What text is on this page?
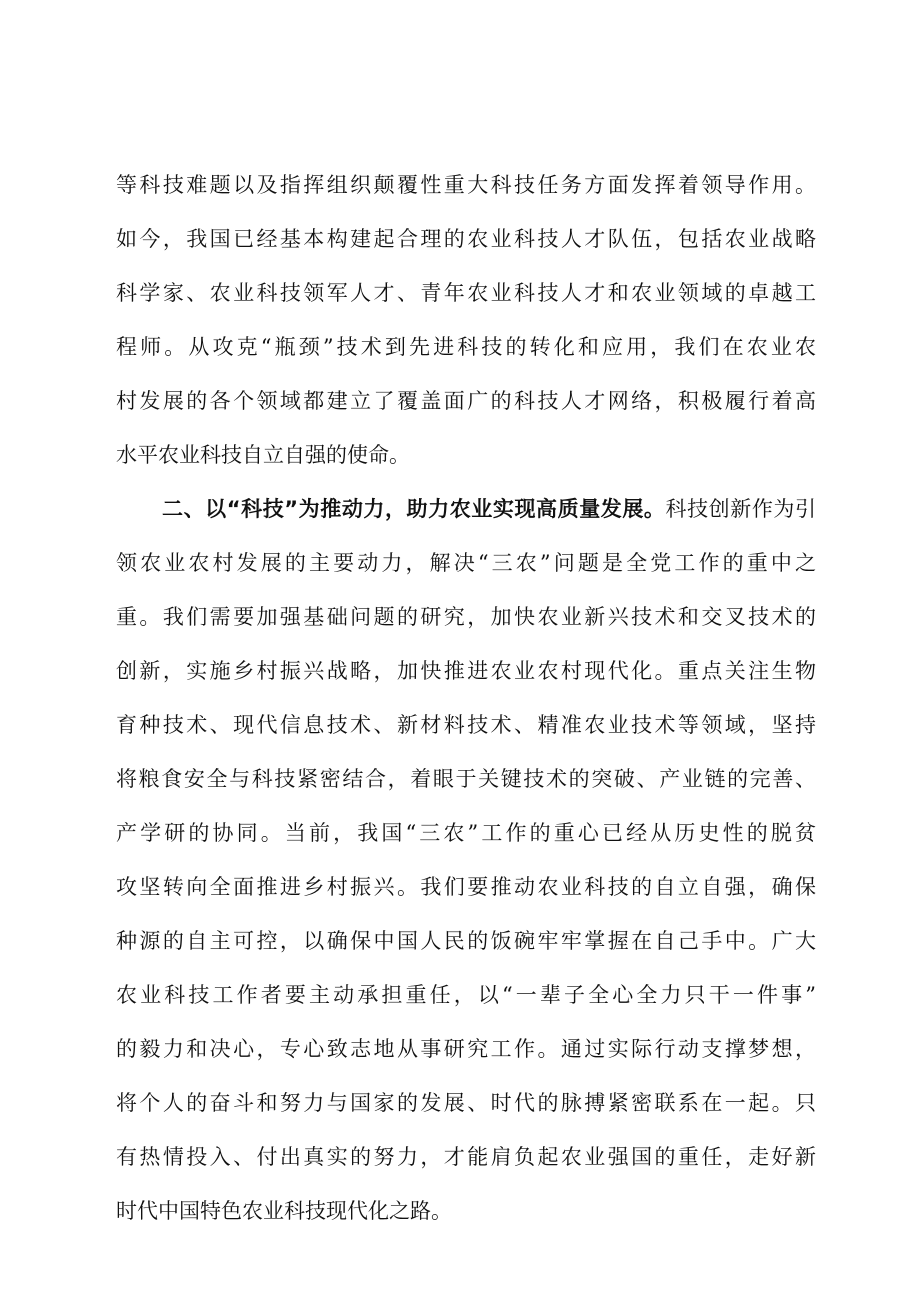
等科技难题以及指挥组织颠覆性重大科技任务方面发挥着领导作用。
如今，我国已经基本构建起合理的农业科技人才队伍，包括农业战略
科学家、农业科技领军人才、青年农业科技人才和农业领域的卓越工
程师。从攻克“瓶颈”技术到先进科技的转化和应用，我们在农业农
村发展的各个领域都建立了覆盖面广的科技人才网络，积极履行着高
水平农业科技自立自强的使命。
二、以“科技”为推动力，助力农业实现高质量发展。科技创新作为引
领农业农村发展的主要动力，解决“三农”问题是全党工作的重中之
重。我们需要加强基础问题的研究，加快农业新兴技术和交叉技术的
创新，实施乡村振兴战略，加快推进农业农村现代化。重点关注生物
育种技术、现代信息技术、新材料技术、精准农业技术等领域，坚持
将粮食安全与科技紧密结合，着眼于关键技术的突破、产业链的完善、
产学研的协同。当前，我国“三农”工作的重心已经从历史性的脱贫
攻坚转向全面推进乡村振兴。我们要推动农业科技的自立自强，确保
种源的自主可控，以确保中国人民的饭碗牢牢掌握在自己手中。广大
农业科技工作者要主动承担重任，以“一辈子全心全力只干一件事”
的毅力和决心，专心致志地从事研究工作。通过实际行动支撑梦想，
将个人的奋斗和努力与国家的发展、时代的脉搏紧密联系在一起。只
有热情投入、付出真实的努力，才能肩负起农业强国的重任，走好新
时代中国特色农业科技现代化之路。
